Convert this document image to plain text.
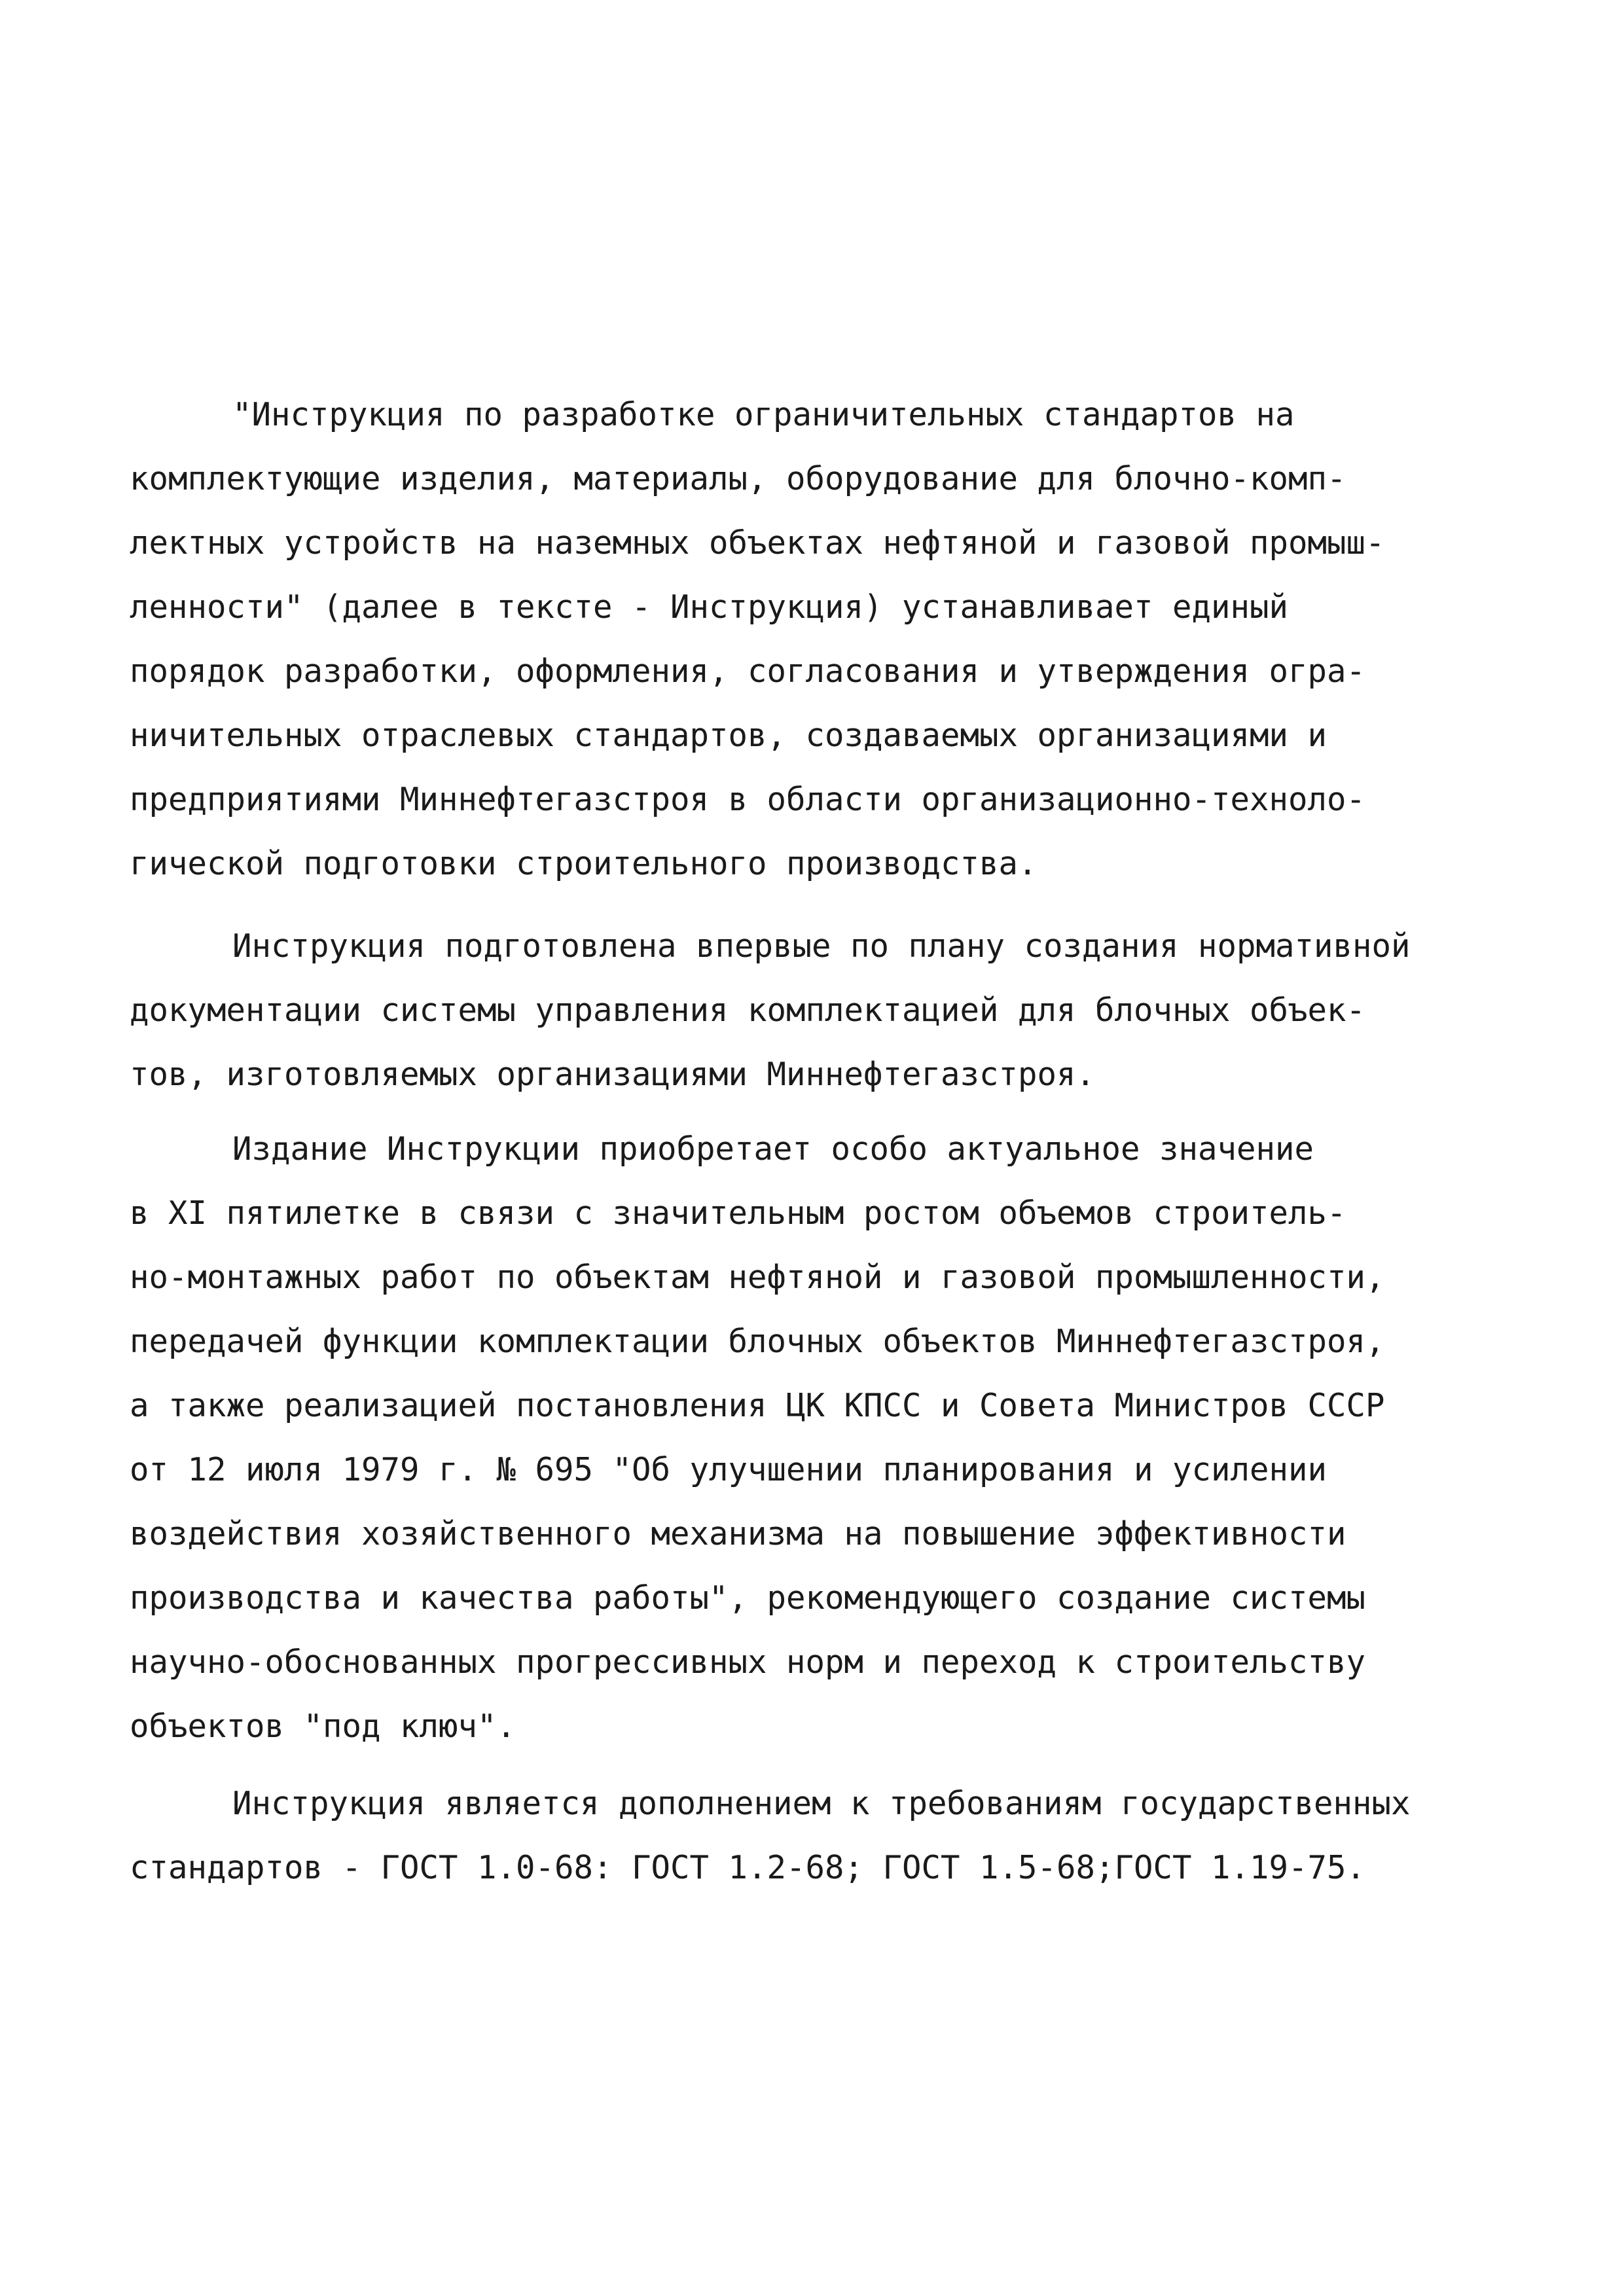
"Инструкция по разработке ограничительных стандартов на

комплектующие изделия, материалы, оборудование для блочно-комп-

лектных устройств на наземных объектах нефтяной и газовой промыш-

ленности" (далее в тексте - Инструкция) устанавливает единый

порядок разработки, оформления, согласования и утверждения огра-

ничительных отраслевых стандартов, создаваемых организациями и

предприятиями Миннефтегазстроя в области организационно-техноло-

гической подготовки строительного производства.

Инструкция подготовлена впервые по плану создания нормативной

документации системы управления комплектацией для блочных объек-

тов, изготовляемых организациями Миннефтегазстроя.

Издание Инструкции приобретает особо актуальное значение

в XI пятилетке в связи с значительным ростом объемов строитель-

но-монтажных работ по объектам нефтяной и газовой промышленности,

передачей функции комплектации блочных объектов Миннефтегазстроя,

а также реализацией постановления ЦК КПСС и Совета Министров СССР

от 12 июля 1979 г. № 695 "Об улучшении планирования и усилении

воздействия хозяйственного механизма на повышение эффективности

производства и качества работы", рекомендующего создание системы

научно-обоснованных прогрессивных норм и переход к строительству

объектов "под ключ".

Инструкция является дополнением к требованиям государственных

стандартов - ГОСТ 1.0-68: ГОСТ 1.2-68; ГОСТ 1.5-68;ГОСТ 1.19-75.
